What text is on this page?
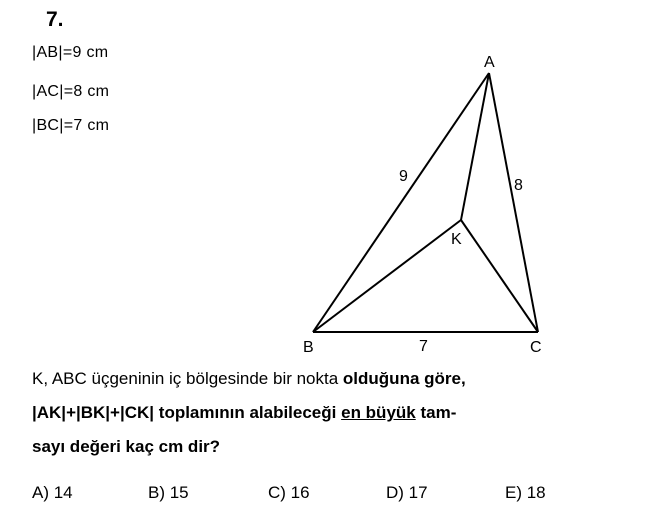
7.
|AB|=9 cm
|AC|=8 cm
|BC|=7 cm
A
B	C
K
9
8
7
K, ABC üçgeninin iç bölgesinde bir nokta olduğuna göre,
|AK|+|BK|+|CK| toplamının alabileceği en büyük tam-
sayı değeri kaç cm dir?
A) 14	B) 15	C) 16	D) 17	E) 18
